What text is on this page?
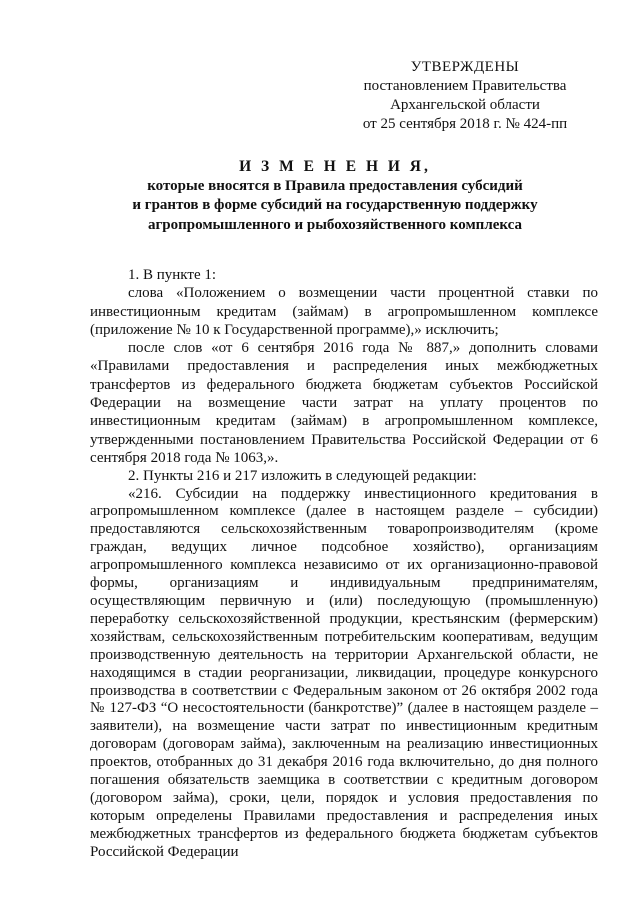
УТВЕРЖДЕНЫ
постановлением Правительства
Архангельской области
от 25 сентября 2018 г. № 424-пп
И З М Е Н Е Н И Я,
которые вносятся в Правила предоставления субсидий
и грантов в форме субсидий на государственную поддержку
агропромышленного и рыбохозяйственного комплекса

1. В пункте 1:

слова «Положением о возмещении части процентной ставки по инвестиционным кредитам (займам) в агропромышленном комплексе (приложение № 10 к Государственной программе),» исключить;

после слов «от 6 сентября 2016 года № 887,» дополнить словами «Правилами предоставления и распределения иных межбюджетных трансфертов из федерального бюджета бюджетам субъектов Российской Федерации на возмещение части затрат на уплату процентов по инвестиционным кредитам (займам) в агропромышленном комплексе, утвержденными постановлением Правительства Российской Федерации от 6 сентября 2018 года № 1063,».

2. Пункты 216 и 217 изложить в следующей редакции:

«216. Субсидии на поддержку инвестиционного кредитования в агропромышленном комплексе (далее в настоящем разделе – субсидии) предоставляются сельскохозяйственным товаропроизводителям (кроме граждан, ведущих личное подсобное хозяйство), организациям агропромышленного комплекса независимо от их организационно-правовой формы, организациям и индивидуальным предпринимателям, осуществляющим первичную и (или) последующую (промышленную) переработку сельскохозяйственной продукции, крестьянским (фермерским) хозяйствам, сельскохозяйственным потребительским кооперативам, ведущим производственную деятельность на территории Архангельской области, не находящимся в стадии реорганизации, ликвидации, процедуре конкурсного производства в соответствии с Федеральным законом от 26 октября 2002 года № 127-ФЗ “О несостоятельности (банкротстве)” (далее в настоящем разделе – заявители), на возмещение части затрат по инвестиционным кредитным договорам (договорам займа), заключенным на реализацию инвестиционных проектов, отобранных до 31 декабря 2016 года включительно, до дня полного погашения обязательств заемщика в соответствии с кредитным договором (договором займа), сроки, цели, порядок и условия предоставления по которым определены Правилами предоставления и распределения иных межбюджетных трансфертов из федерального бюджета бюджетам субъектов Российской Федерации
